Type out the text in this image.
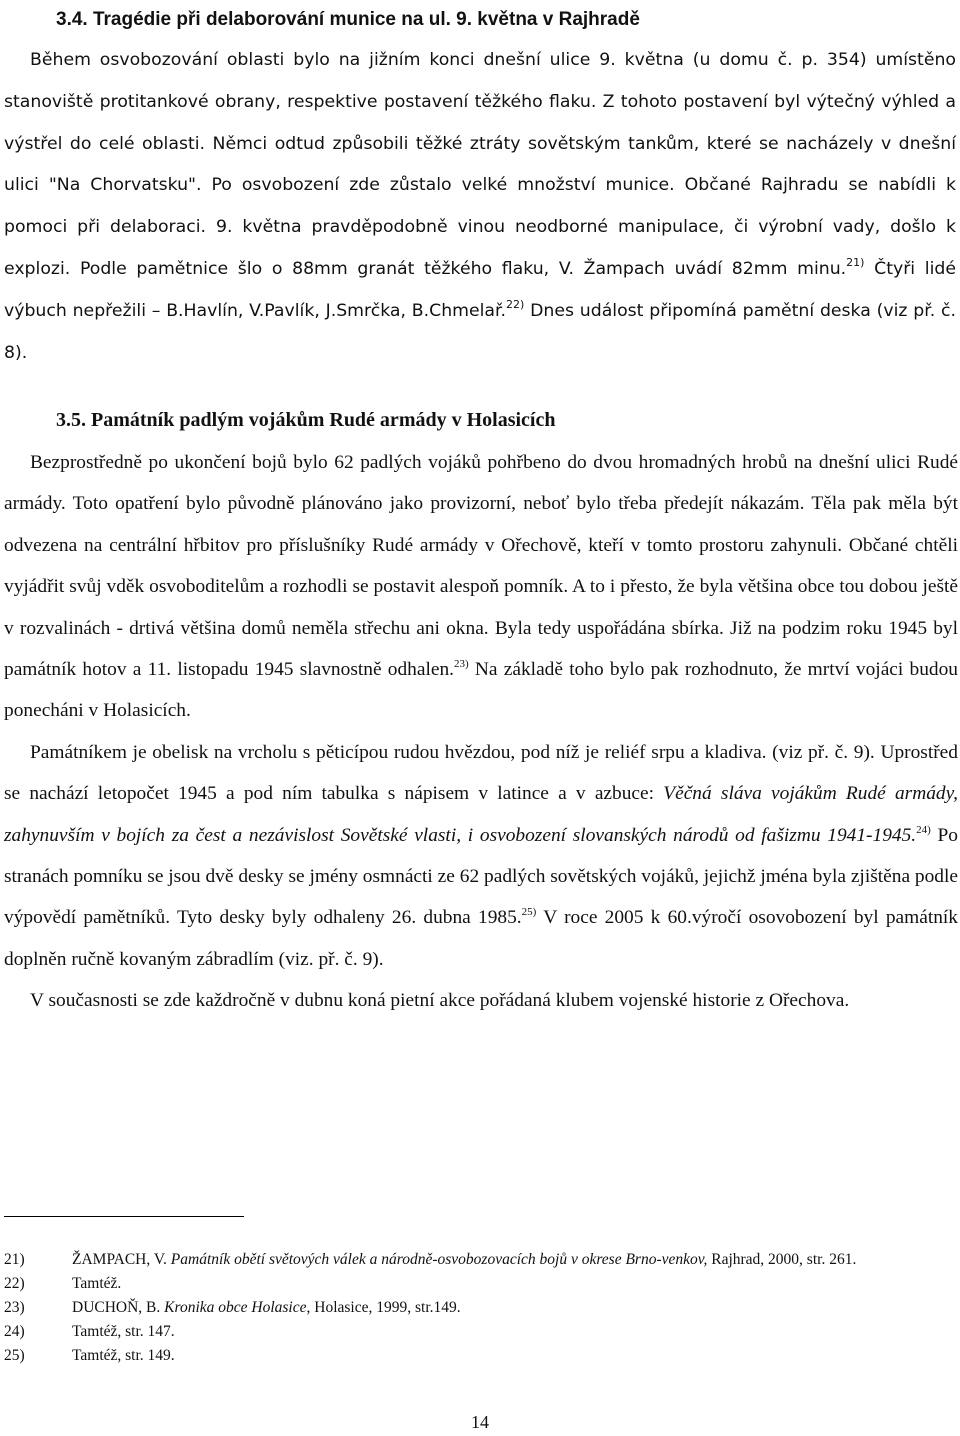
3.4. Tragédie při delaborování munice na ul. 9. května v Rajhradě

Během osvobozování oblasti bylo na jižním konci dnešní ulice 9. května (u domu č. p. 354) umístěno stanoviště protitankové obrany, respektive postavení těžkého flaku. Z tohoto postavení byl výtečný výhled a výstřel do celé oblasti. Němci odtud způsobili těžké ztráty sovětským tankům, které se nacházely v dnešní ulici "Na Chorvatsku". Po osvobození zde zůstalo velké množství munice. Občané Rajhradu se nabídli k pomoci při delaboraci. 9. května pravděpodobně vinou neodborné manipulace, či výrobní vady, došlo k explozi. Podle pamětnice šlo o 88mm granát těžkého flaku, V. Žampach uvádí 82mm minu.$^{21)}$ Čtyři lidé výbuch nepřežili – B.Havlín, V.Pavlík, J.Smrčka, B.Chmelař.$^{22)}$ Dnes událost připomíná pamětní deska (viz př. č. 8).

3.5. Památník padlým vojákům Rudé armády v Holasicích

Bezprostředně po ukončení bojů bylo 62 padlých vojáků pohřbeno do dvou hromadných hrobů na dnešní ulici Rudé armády. Toto opatření bylo původně plánováno jako provizorní, neboť bylo třeba předejít nákazám. Těla pak měla být odvezena na centrální hřbitov pro příslušníky Rudé armády v Ořechově, kteří v tomto prostoru zahynuli. Občané chtěli vyjádřit svůj vděk osvoboditelům a rozhodli se postavit alespoň pomník. A to i přesto, že byla většina obce tou dobou ještě v rozvalinách - drtivá většina domů neměla střechu ani okna. Byla tedy uspořádána sbírka. Již na podzim roku 1945 byl památník hotov a 11. listopadu 1945 slavnostně odhalen.$^{23)}$ Na základě toho bylo pak rozhodnuto, že mrtví vojáci budou ponecháni v Holasicích.

Památníkem je obelisk na vrcholu s pěticípou rudou hvězdou, pod níž je reliéf srpu a kladiva. (viz př. č. 9). Uprostřed se nachází letopočet 1945 a pod ním tabulka s nápisem v latince a v azbuce: Věčná sláva vojákům Rudé armády, zahynuvším v bojích za čest a nezávislost Sovětské vlasti, i osvobození slovanských národů od fašizmu 1941-1945.$^{24)}$ Po stranách pomníku se jsou dvě desky se jmény osmnácti ze 62 padlých sovětských vojáků, jejichž jména byla zjištěna podle výpovědí pamětníků. Tyto desky byly odhaleny 26. dubna 1985.$^{25)}$ V roce 2005 k 60.výročí osovobození byl památník doplněn ručně kovaným zábradlím (viz. př. č. 9).

V současnosti se zde každročně v dubnu koná pietní akce pořádaná klubem vojenské historie z Ořechova.

21)	ŽAMPACH, V. Památník obětí světových válek a národně-osvobozovacích bojů v okrese Brno-venkov, Rajhrad, 2000, str. 261.
22)	Tamtéž.
23)	DUCHOŇ, B. Kronika obce Holasice, Holasice, 1999, str.149.
24)	Tamtéž, str. 147.
25)	Tamtéž, str. 149.
14
